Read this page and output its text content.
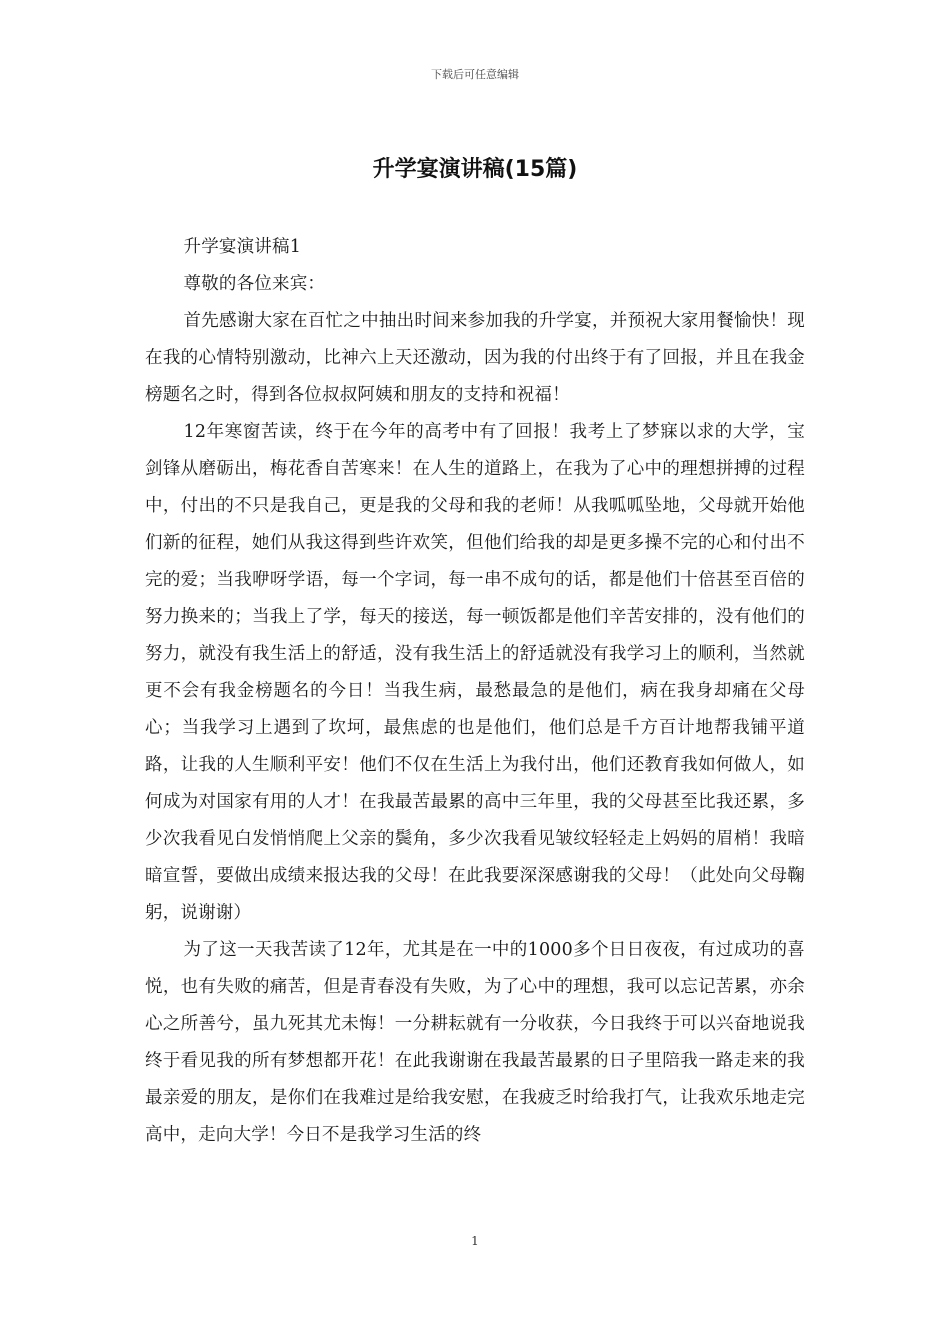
下载后可任意编辑
升学宴演讲稿(15篇)

升学宴演讲稿1

尊敬的各位来宾：

首先感谢大家在百忙之中抽出时间来参加我的升学宴，并预祝大家用餐愉快！现在我的心情特别激动，比神六上天还激动，因为我的付出终于有了回报，并且在我金榜题名之时，得到各位叔叔阿姨和朋友的支持和祝福！

12年寒窗苦读，终于在今年的高考中有了回报！我考上了梦寐以求的大学，宝剑锋从磨砺出，梅花香自苦寒来！在人生的道路上，在我为了心中的理想拼搏的过程中，付出的不只是我自己，更是我的父母和我的老师！从我呱呱坠地，父母就开始他们新的征程，她们从我这得到些许欢笑，但他们给我的却是更多操不完的心和付出不完的爱；当我咿呀学语，每一个字词，每一串不成句的话，都是他们十倍甚至百倍的努力换来的；当我上了学，每天的接送，每一顿饭都是他们辛苦安排的，没有他们的努力，就没有我生活上的舒适，没有我生活上的舒适就没有我学习上的顺利，当然就更不会有我金榜题名的今日！当我生病，最愁最急的是他们，病在我身却痛在父母心；当我学习上遇到了坎坷，最焦虑的也是他们，他们总是千方百计地帮我铺平道路，让我的人生顺利平安！他们不仅在生活上为我付出，他们还教育我如何做人，如何成为对国家有用的人才！在我最苦最累的高中三年里，我的父母甚至比我还累，多少次我看见白发悄悄爬上父亲的鬓角，多少次我看见皱纹轻轻走上妈妈的眉梢！我暗暗宣誓，要做出成绩来报达我的父母！在此我要深深感谢我的父母！（此处向父母鞠躬，说谢谢）

为了这一天我苦读了12年，尤其是在一中的1000多个日日夜夜，有过成功的喜悦，也有失败的痛苦，但是青春没有失败，为了心中的理想，我可以忘记苦累，亦余心之所善兮，虽九死其尤未悔！一分耕耘就有一分收获，今日我终于可以兴奋地说我终于看见我的所有梦想都开花！在此我谢谢在我最苦最累的日子里陪我一路走来的我最亲爱的朋友，是你们在我难过是给我安慰，在我疲乏时给我打气，让我欢乐地走完高中，走向大学！今日不是我学习生活的终

1
